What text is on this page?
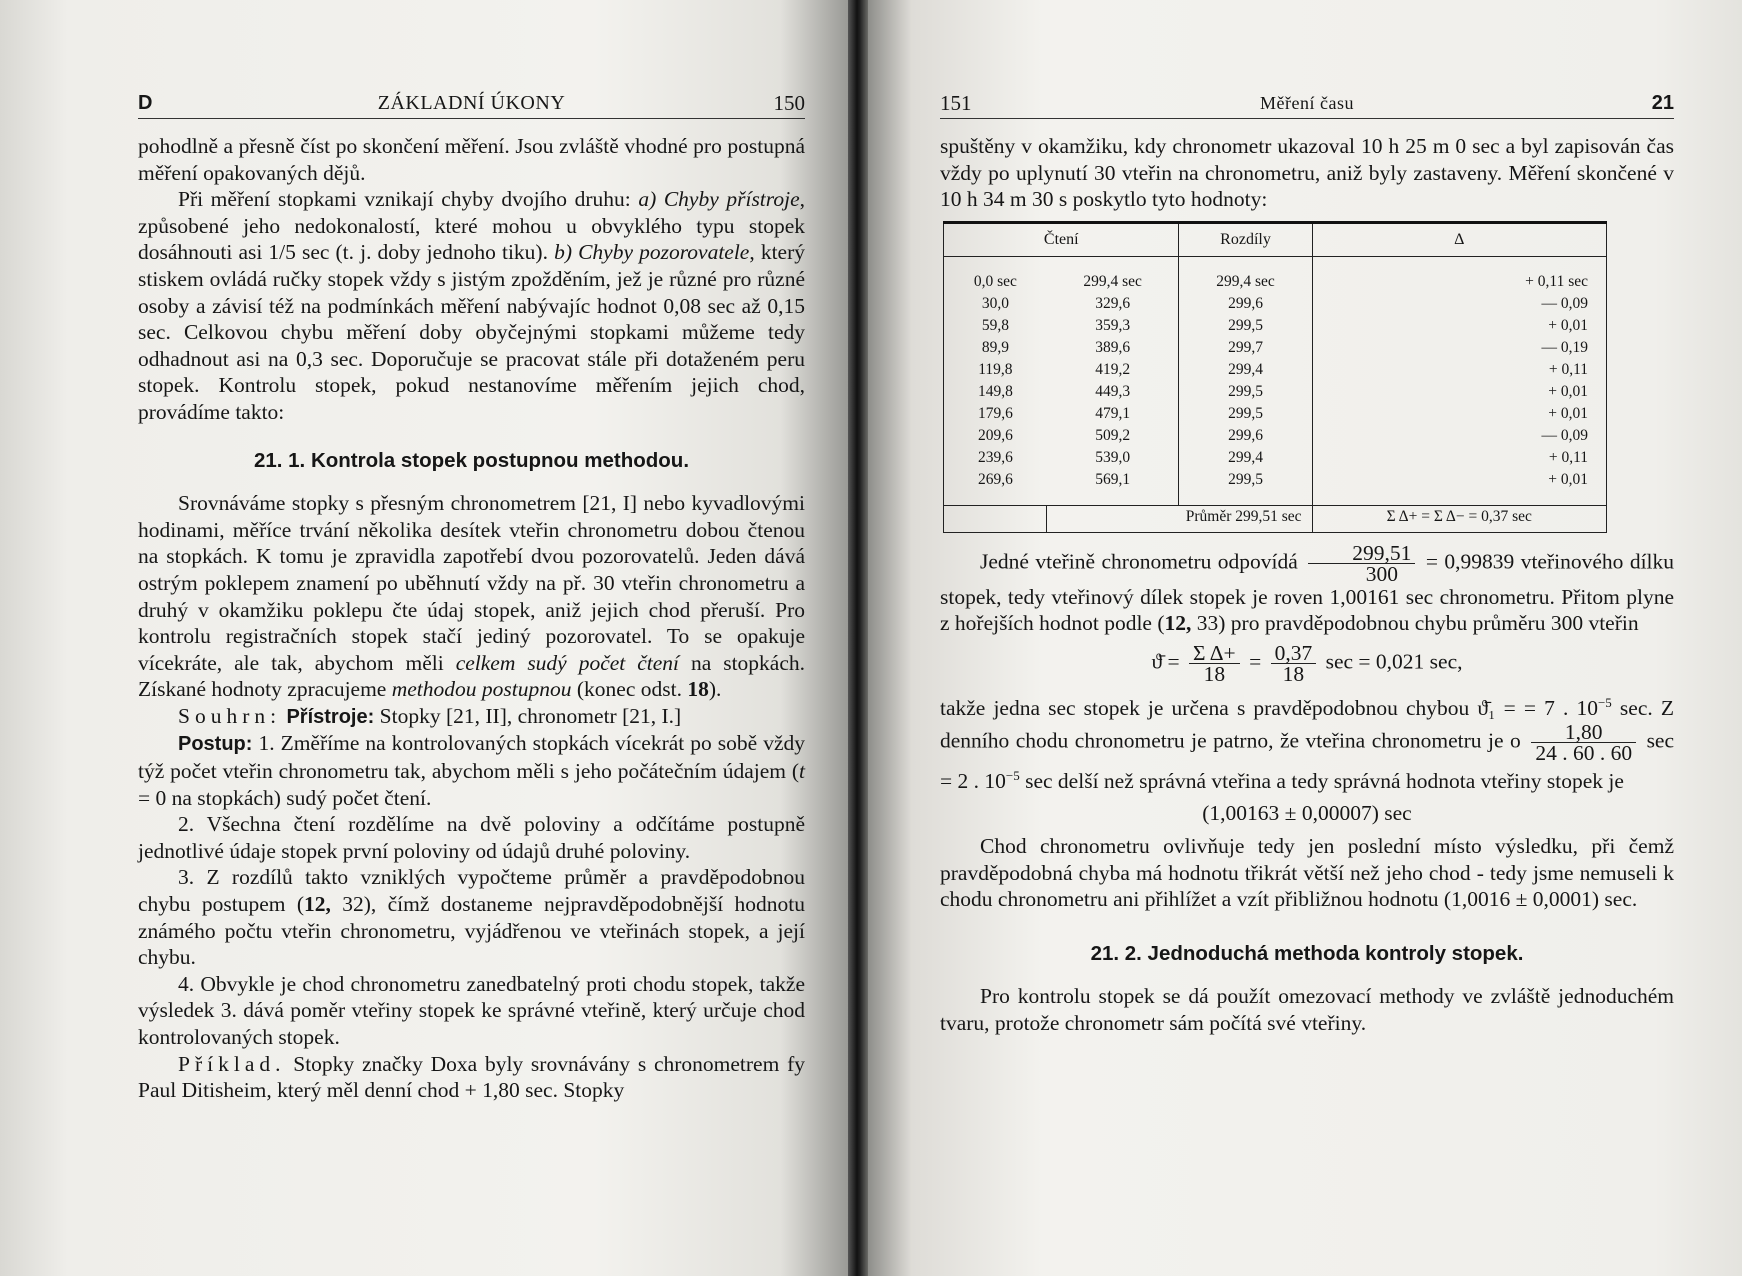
D	ZÁKLADNÍ ÚKONY	150

pohodlně a přesně číst po skončení měření. Jsou zvláště vhodné pro postupná měření opakovaných dějů.

Při měření stopkami vznikají chyby dvojího druhu: a) Chyby přístroje, způsobené jeho nedokonalostí, které mohou u obvyklého typu stopek dosáhnouti asi 1/5 sec (t. j. doby jednoho tiku). b) Chyby pozorovatele, který stiskem ovládá ručky stopek vždy s jistým zpožděním, jež je různé pro různé osoby a závisí též na podmínkách měření nabývajíc hodnot 0,08 sec až 0,15 sec. Celkovou chybu měření doby obyčejnými stopkami můžeme tedy odhadnout asi na 0,3 sec. Doporučuje se pracovat stále při dotaženém peru stopek. Kontrolu stopek, pokud nestanovíme měřením jejich chod, provádíme takto:

21. 1. Kontrola stopek postupnou methodou.

Srovnáváme stopky s přesným chronometrem [21, I] nebo kyvadlovými hodinami, měříce trvání několika desítek vteřin chronometru dobou čtenou na stopkách. K tomu je zpravidla zapotřebí dvou pozorovatelů. Jeden dává ostrým poklepem znamení po uběhnutí vždy na př. 30 vteřin chronometru a druhý v okamžiku poklepu čte údaj stopek, aniž jejich chod přeruší. Pro kontrolu registračních stopek stačí jediný pozorovatel. To se opakuje vícekráte, ale tak, abychom měli celkem sudý počet čtení na stopkách. Získané hodnoty zpracujeme methodou postupnou (konec odst. 18).

Souhrn: Přístroje: Stopky [21, II], chronometr [21, I.]

Postup: 1. Změříme na kontrolovaných stopkách vícekrát po sobě vždy týž počet vteřin chronometru tak, abychom měli s jeho počátečním údajem (t = 0 na stopkách) sudý počet čtení.

2. Všechna čtení rozdělíme na dvě poloviny a odčítáme postupně jednotlivé údaje stopek první poloviny od údajů druhé poloviny.

3. Z rozdílů takto vzniklých vypočteme průměr a pravděpodobnou chybu postupem (12, 32), čímž dostaneme nejpravděpodobnější hodnotu známého počtu vteřin chronometru, vyjádřenou ve vteřinách stopek, a její chybu.

4. Obvykle je chod chronometru zanedbatelný proti chodu stopek, takže výsledek 3. dává poměr vteřiny stopek ke správné vteřině, který určuje chod kontrolovaných stopek.

Příklad. Stopky značky Doxa byly srovnávány s chronometrem fy Paul Ditisheim, který měl denní chod + 1,80 sec. Stopky

151	Měření času	21

spuštěny v okamžiku, kdy chronometr ukazoval 10 h 25 m 0 sec a byl zapisován čas vždy po uplynutí 30 vteřin na chronometru, aniž byly zastaveny. Měření skončené v 10 h 34 m 30 s poskytlo tyto hodnoty:

Čtení		Rozdíly	Δ

0,0 sec	299,4 sec	299,4 sec	+ 0,11 sec
30,0	329,6	299,6	— 0,09
59,8	359,3	299,5	+ 0,01
89,9	389,6	299,7	— 0,19
119,8	419,2	299,4	+ 0,11
149,8	449,3	299,5	+ 0,01
179,6	479,1	299,5	+ 0,01
209,6	509,2	299,6	— 0,09
239,6	539,0	299,4	+ 0,11
269,6	569,1	299,5	+ 0,01

	Průměr 299,51 sec		Σ Δ+ = Σ Δ− = 0,37 sec

Jedné vteřině chronometru odpovídá $\frac{299,51}{300} = 0,99839$ vteřinového dílku stopek, tedy vteřinový dílek stopek je roven 1,00161 sec chronometru. Přitom plyne z hořejších hodnot podle (12, 33) pro pravděpodobnou chybu průměru 300 vteřin

ϑ̄ = $\frac{\text{Σ Δ+}}{18} = \frac{0,37}{18}$ sec = 0,021 sec,

takže jedna sec stopek je určena s pravděpodobnou chybou ϑ̄₁ = = 7 . $10^{-5}$ sec. Z denního chodu chronometru je patrno, že vteřina chronometru je o $\frac{1,80}{24 . 60 . 60}$ sec = 2 . $10^{-5}$ sec delší než správná vteřina a tedy správná hodnota vteřiny stopek je

(1,00163 ± 0,00007) sec

Chod chronometru ovlivňuje tedy jen poslední místo výsledku, při čemž pravděpodobná chyba má hodnotu třikrát větší než jeho chod - tedy jsme nemuseli k chodu chronometru ani přihlížet a vzít přibližnou hodnotu (1,0016 ± 0,0001) sec.

21. 2. Jednoduchá methoda kontroly stopek.

Pro kontrolu stopek se dá použít omezovací methody ve zvláště jednoduchém tvaru, protože chronometr sám počítá své vteřiny.
